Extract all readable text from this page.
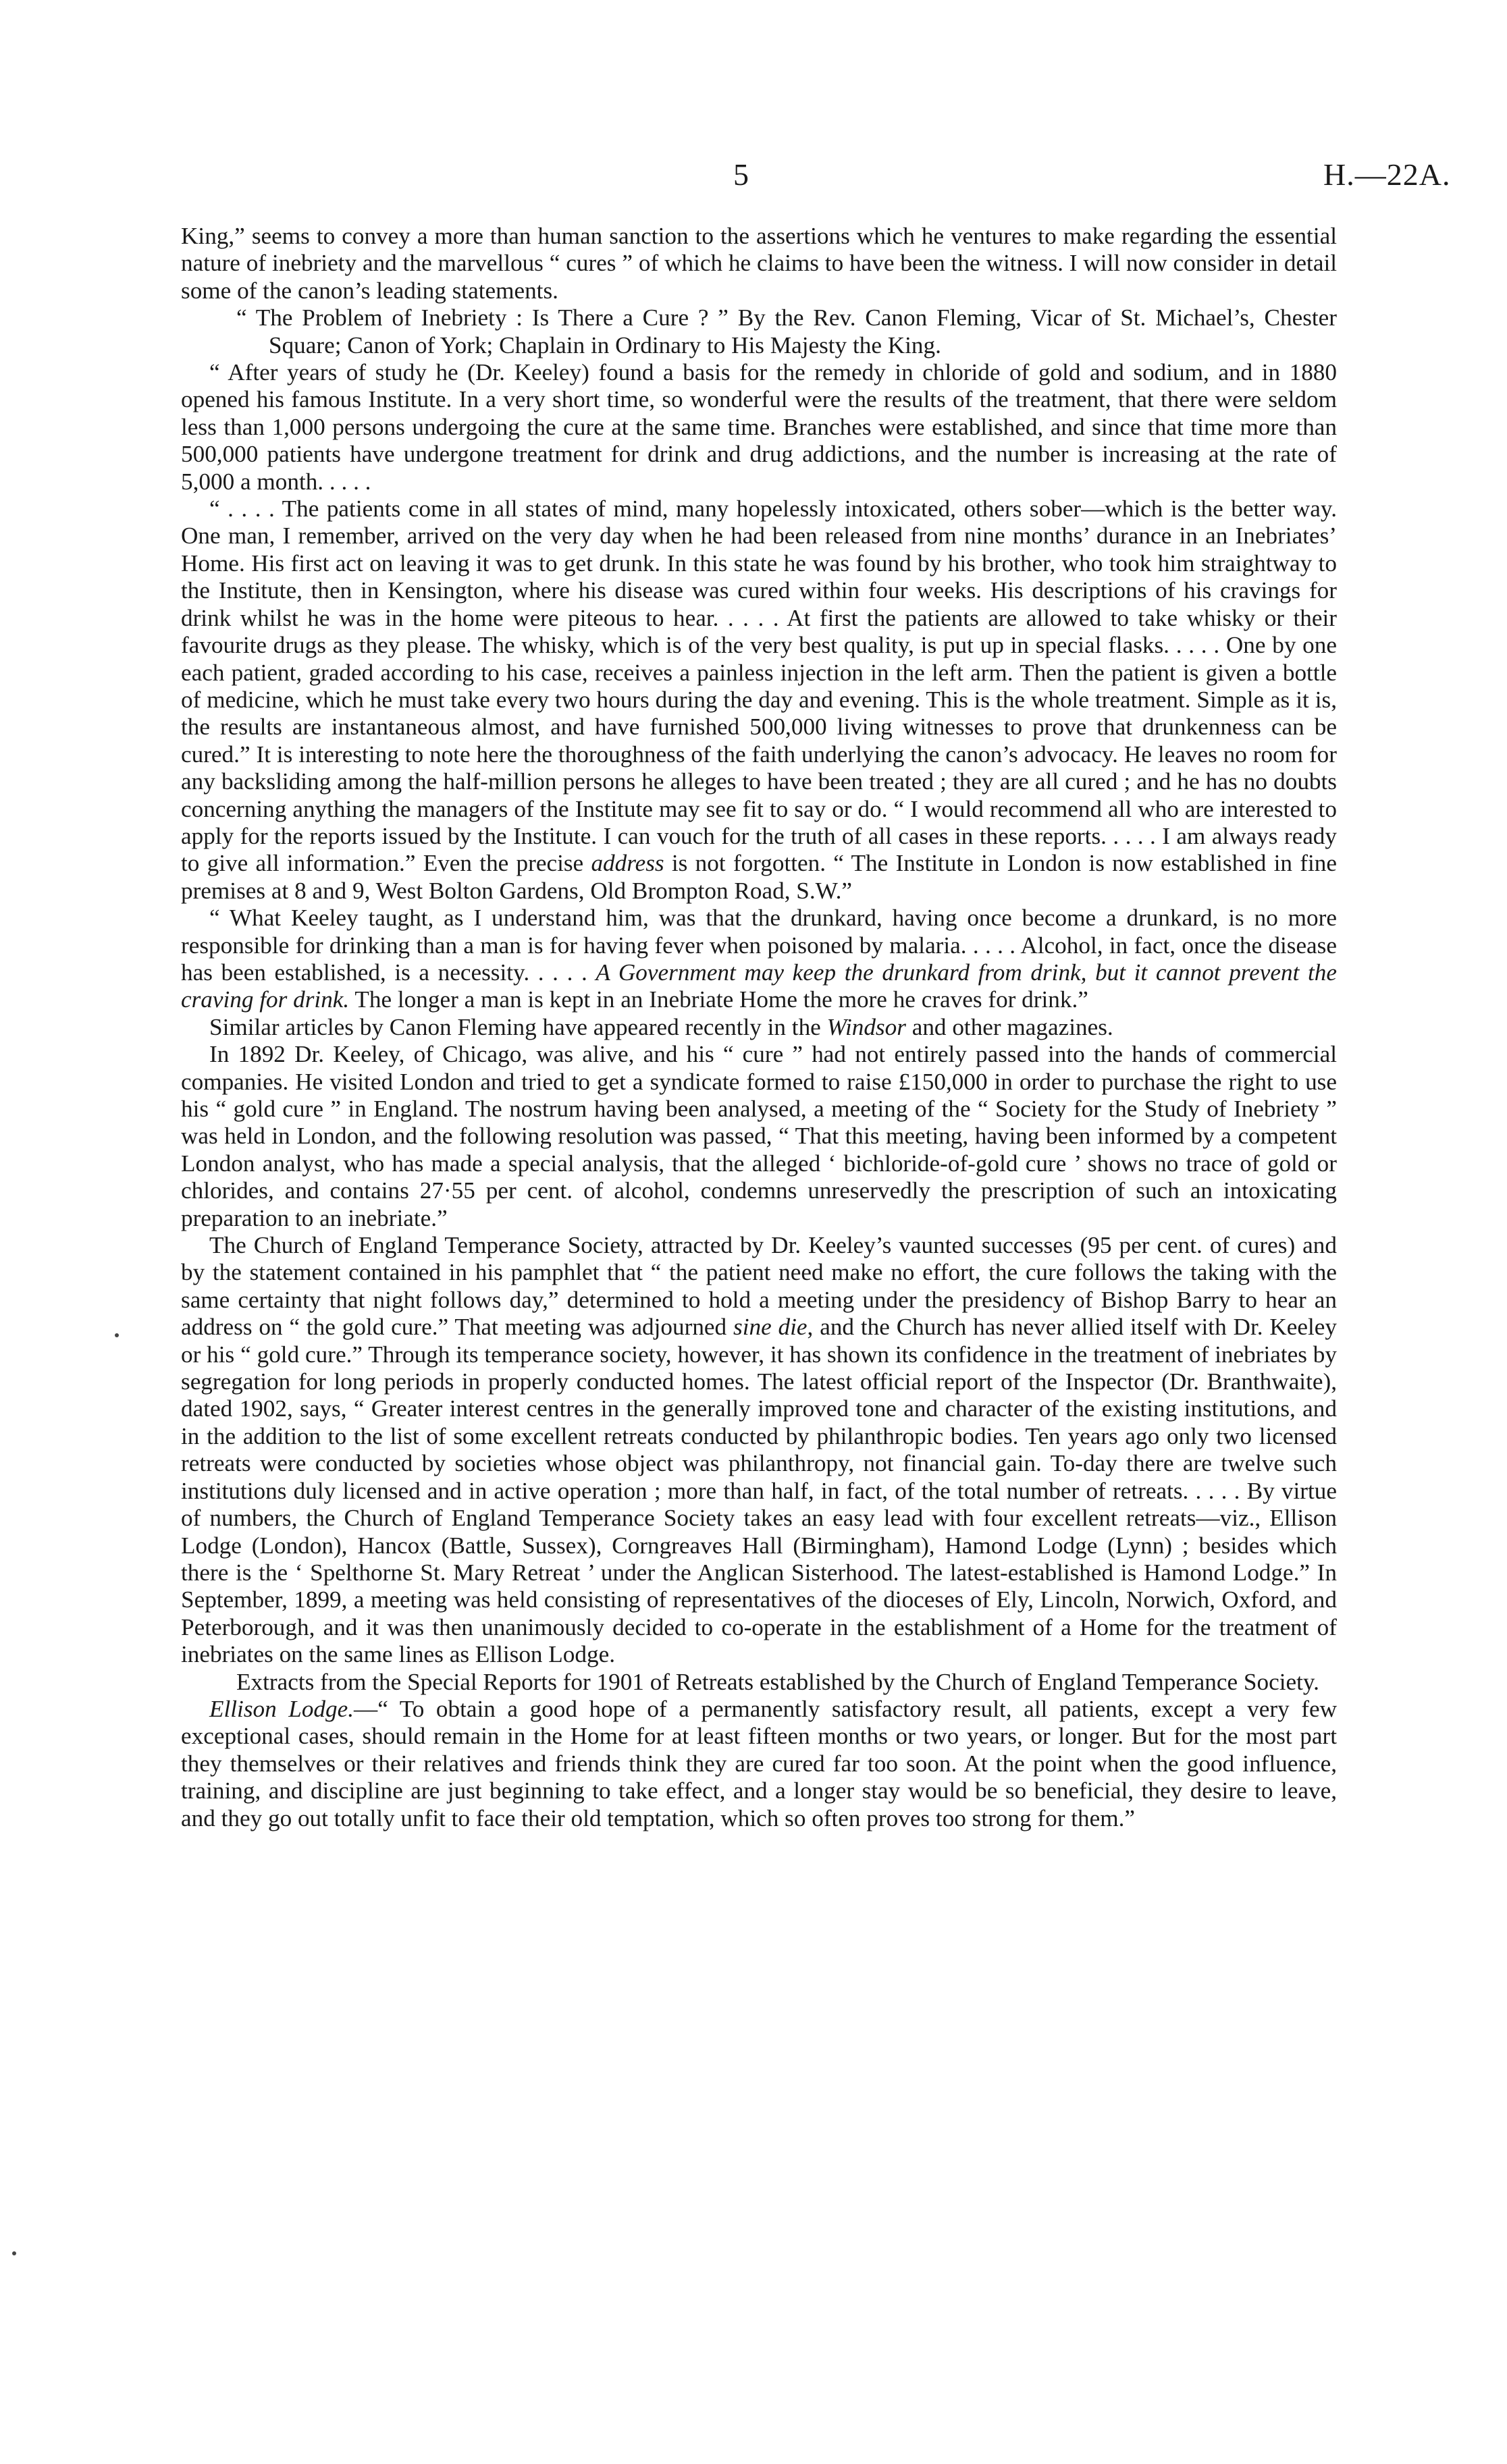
5	H.—22A.

King,” seems to convey a more than human sanction to the assertions which he ventures to make regarding the essential nature of inebriety and the marvellous “ cures ” of which he claims to have been the witness. I will now consider in detail some of the canon’s leading statements.

“ The Problem of Inebriety : Is There a Cure ? ” By the Rev. Canon Fleming, Vicar of St. Michael’s, Chester Square; Canon of York; Chaplain in Ordinary to His Majesty the King.

“ After years of study he (Dr. Keeley) found a basis for the remedy in chloride of gold and sodium, and in 1880 opened his famous Institute. In a very short time, so wonderful were the results of the treatment, that there were seldom less than 1,000 persons undergoing the cure at the same time. Branches were established, and since that time more than 500,000 patients have undergone treatment for drink and drug addictions, and the number is increasing at the rate of 5,000 a month. . . . .

“ . . . . The patients come in all states of mind, many hopelessly intoxicated, others sober—which is the better way. One man, I remember, arrived on the very day when he had been released from nine months’ durance in an Inebriates’ Home. His first act on leaving it was to get drunk. In this state he was found by his brother, who took him straightway to the Institute, then in Kensington, where his disease was cured within four weeks. His descriptions of his cravings for drink whilst he was in the home were piteous to hear. . . . . At first the patients are allowed to take whisky or their favourite drugs as they please. The whisky, which is of the very best quality, is put up in special flasks. . . . . One by one each patient, graded according to his case, receives a painless injection in the left arm. Then the patient is given a bottle of medicine, which he must take every two hours during the day and evening. This is the whole treatment. Simple as it is, the results are instantaneous almost, and have furnished 500,000 living witnesses to prove that drunkenness can be cured.” It is interesting to note here the thoroughness of the faith underlying the canon’s advocacy. He leaves no room for any backsliding among the half-million persons he alleges to have been treated ; they are all cured ; and he has no doubts concerning anything the managers of the Institute may see fit to say or do. “ I would recommend all who are interested to apply for the reports issued by the Institute. I can vouch for the truth of all cases in these reports. . . . . I am always ready to give all information.” Even the precise address is not forgotten. “ The Institute in London is now established in fine premises at 8 and 9, West Bolton Gardens, Old Brompton Road, S.W.”

“ What Keeley taught, as I understand him, was that the drunkard, having once become a drunkard, is no more responsible for drinking than a man is for having fever when poisoned by malaria. . . . . Alcohol, in fact, once the disease has been established, is a necessity. . . . . A Government may keep the drunkard from drink, but it cannot prevent the craving for drink. The longer a man is kept in an Inebriate Home the more he craves for drink.”

Similar articles by Canon Fleming have appeared recently in the Windsor and other magazines.

In 1892 Dr. Keeley, of Chicago, was alive, and his “ cure ” had not entirely passed into the hands of commercial companies. He visited London and tried to get a syndicate formed to raise £150,000 in order to purchase the right to use his “ gold cure ” in England. The nostrum having been analysed, a meeting of the “ Society for the Study of Inebriety ” was held in London, and the following resolution was passed, “ That this meeting, having been informed by a competent London analyst, who has made a special analysis, that the alleged ‘ bichloride-of-gold cure ’ shows no trace of gold or chlorides, and contains 27·55 per cent. of alcohol, condemns unreservedly the prescription of such an intoxicating preparation to an inebriate.”

The Church of England Temperance Society, attracted by Dr. Keeley’s vaunted successes (95 per cent. of cures) and by the statement contained in his pamphlet that “ the patient need make no effort, the cure follows the taking with the same certainty that night follows day,” determined to hold a meeting under the presidency of Bishop Barry to hear an address on “ the gold cure.” That meeting was adjourned sine die, and the Church has never allied itself with Dr. Keeley or his “ gold cure.” Through its temperance society, however, it has shown its confidence in the treatment of inebriates by segregation for long periods in properly conducted homes. The latest official report of the Inspector (Dr. Branthwaite), dated 1902, says, “ Greater interest centres in the generally improved tone and character of the existing institutions, and in the addition to the list of some excellent retreats conducted by philanthropic bodies. Ten years ago only two licensed retreats were conducted by societies whose object was philanthropy, not financial gain. To-day there are twelve such institutions duly licensed and in active operation ; more than half, in fact, of the total number of retreats. . . . . By virtue of numbers, the Church of England Temperance Society takes an easy lead with four excellent retreats—viz., Ellison Lodge (London), Hancox (Battle, Sussex), Corngreaves Hall (Birmingham), Hamond Lodge (Lynn) ; besides which there is the ‘ Spelthorne St. Mary Retreat ’ under the Anglican Sisterhood. The latest-established is Hamond Lodge.” In September, 1899, a meeting was held consisting of representatives of the dioceses of Ely, Lincoln, Norwich, Oxford, and Peterborough, and it was then unanimously decided to co-operate in the establishment of a Home for the treatment of inebriates on the same lines as Ellison Lodge.

Extracts from the Special Reports for 1901 of Retreats established by the Church of England Temperance Society.

Ellison Lodge.—“ To obtain a good hope of a permanently satisfactory result, all patients, except a very few exceptional cases, should remain in the Home for at least fifteen months or two years, or longer. But for the most part they themselves or their relatives and friends think they are cured far too soon. At the point when the good influence, training, and discipline are just beginning to take effect, and a longer stay would be so beneficial, they desire to leave, and they go out totally unfit to face their old temptation, which so often proves too strong for them.”
